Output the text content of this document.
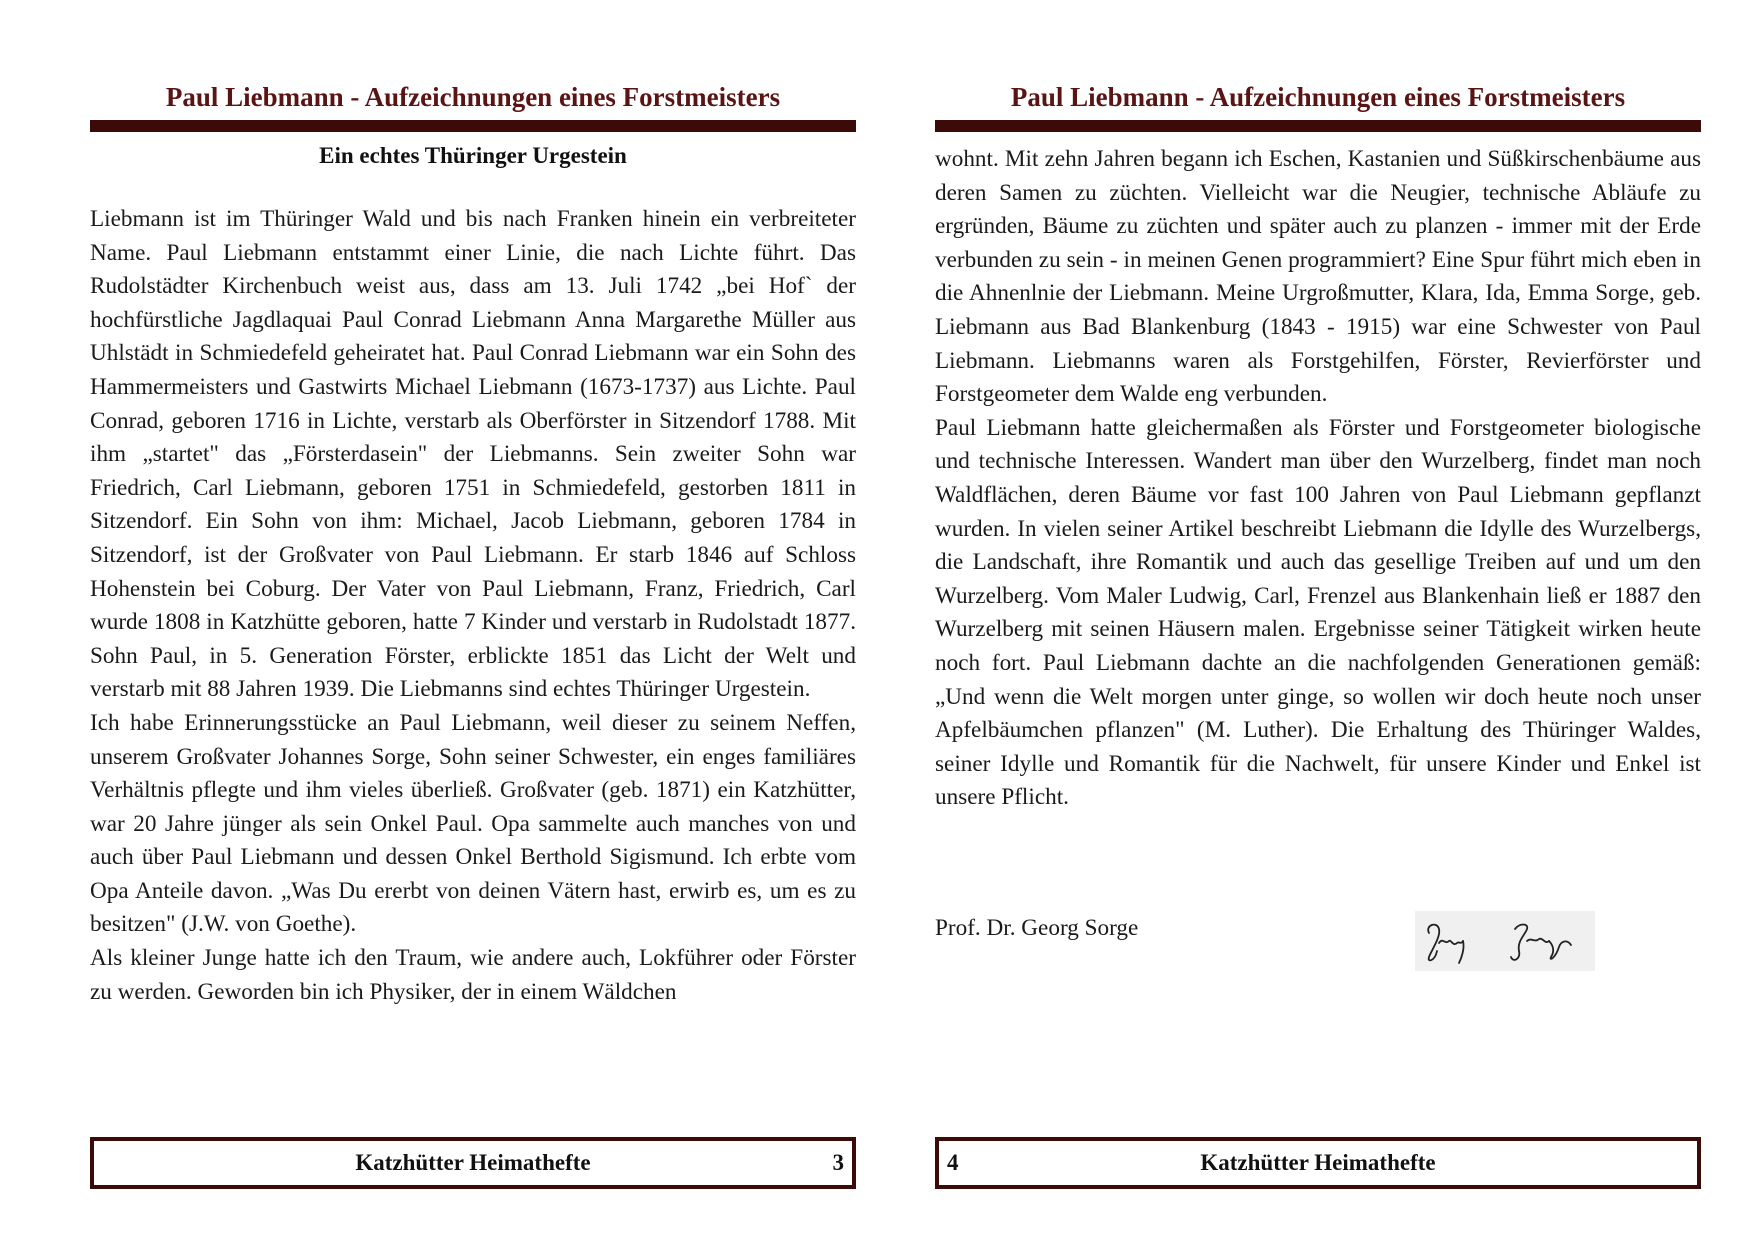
Paul Liebmann - Aufzeichnungen eines Forstmeisters
Ein echtes Thüringer Urgestein

Liebmann ist im Thüringer Wald und bis nach Franken hinein ein verbreiteter Name. Paul Liebmann entstammt einer Linie, die nach Lichte führt. Das Rudolstädter Kirchenbuch weist aus, dass am 13. Juli 1742 „bei Hof` der hochfürstliche Jagdlaquai Paul Conrad Liebmann Anna Margarethe Müller aus Uhlstädt in Schmiedefeld geheiratet hat. Paul Conrad Liebmann war ein Sohn des Hammermeisters und Gastwirts Michael Liebmann (1673-1737) aus Lichte. Paul Conrad, geboren 1716 in Lichte, verstarb als Oberförster in Sitzendorf 1788. Mit ihm „startet" das „Försterdasein" der Liebmanns. Sein zweiter Sohn war Friedrich, Carl Liebmann, geboren 1751 in Schmiedefeld, gestorben 1811 in Sitzendorf. Ein Sohn von ihm: Michael, Jacob Liebmann, geboren 1784 in Sitzendorf, ist der Großvater von Paul Liebmann. Er starb 1846 auf Schloss Hohenstein bei Coburg. Der Vater von Paul Liebmann, Franz, Friedrich, Carl wurde 1808 in Katzhütte geboren, hatte 7 Kinder und verstarb in Rudolstadt 1877. Sohn Paul, in 5. Generation Förster, erblickte 1851 das Licht der Welt und verstarb mit 88 Jahren 1939. Die Liebmanns sind echtes Thüringer Urgestein.

Ich habe Erinnerungsstücke an Paul Liebmann, weil dieser zu seinem Neffen, unserem Großvater Johannes Sorge, Sohn seiner Schwester, ein enges familiäres Verhältnis pflegte und ihm vieles überließ. Großvater (geb. 1871) ein Katzhütter, war 20 Jahre jünger als sein Onkel Paul. Opa sammelte auch manches von und auch über Paul Liebmann und dessen Onkel Berthold Sigismund. Ich erbte vom Opa Anteile davon. „Was Du ererbt von deinen Vätern hast, erwirb es, um es zu besitzen" (J.W. von Goethe).

Als kleiner Junge hatte ich den Traum, wie andere auch, Lokführer oder Förster zu werden. Geworden bin ich Physiker, der in einem Wäldchen

Katzhütter Heimathefte	3
Paul Liebmann - Aufzeichnungen eines Forstmeisters

wohnt. Mit zehn Jahren begann ich Eschen, Kastanien und Süßkirschenbäume aus deren Samen zu züchten. Vielleicht war die Neugier, technische Abläufe zu ergründen, Bäume zu züchten und später auch zu planzen - immer mit der Erde verbunden zu sein - in meinen Genen programmiert? Eine Spur führt mich eben in die Ahnenlnie der Liebmann. Meine Urgroßmutter, Klara, Ida, Emma Sorge, geb. Liebmann aus Bad Blankenburg (1843 - 1915) war eine Schwester von Paul Liebmann. Liebmanns waren als Forstgehilfen, Förster, Revierförster und Forstgeometer dem Walde eng verbunden.

Paul Liebmann hatte gleichermaßen als Förster und Forstgeometer biologische und technische Interessen. Wandert man über den Wurzelberg, findet man noch Waldflächen, deren Bäume vor fast 100 Jahren von Paul Liebmann gepflanzt wurden. In vielen seiner Artikel beschreibt Liebmann die Idylle des Wurzelbergs, die Landschaft, ihre Romantik und auch das gesellige Treiben auf und um den Wurzelberg. Vom Maler Ludwig, Carl, Frenzel aus Blankenhain ließ er 1887 den Wurzelberg mit seinen Häusern malen. Ergebnisse seiner Tätigkeit wirken heute noch fort. Paul Liebmann dachte an die nachfolgenden Generationen gemäß: „Und wenn die Welt morgen unter ginge, so wollen wir doch heute noch unser Apfelbäumchen pflanzen" (M. Luther). Die Erhaltung des Thüringer Waldes, seiner Idylle und Romantik für die Nachwelt, für unsere Kinder und Enkel ist unsere Pflicht.

Prof. Dr. Georg Sorge
4	Katzhütter Heimathefte
